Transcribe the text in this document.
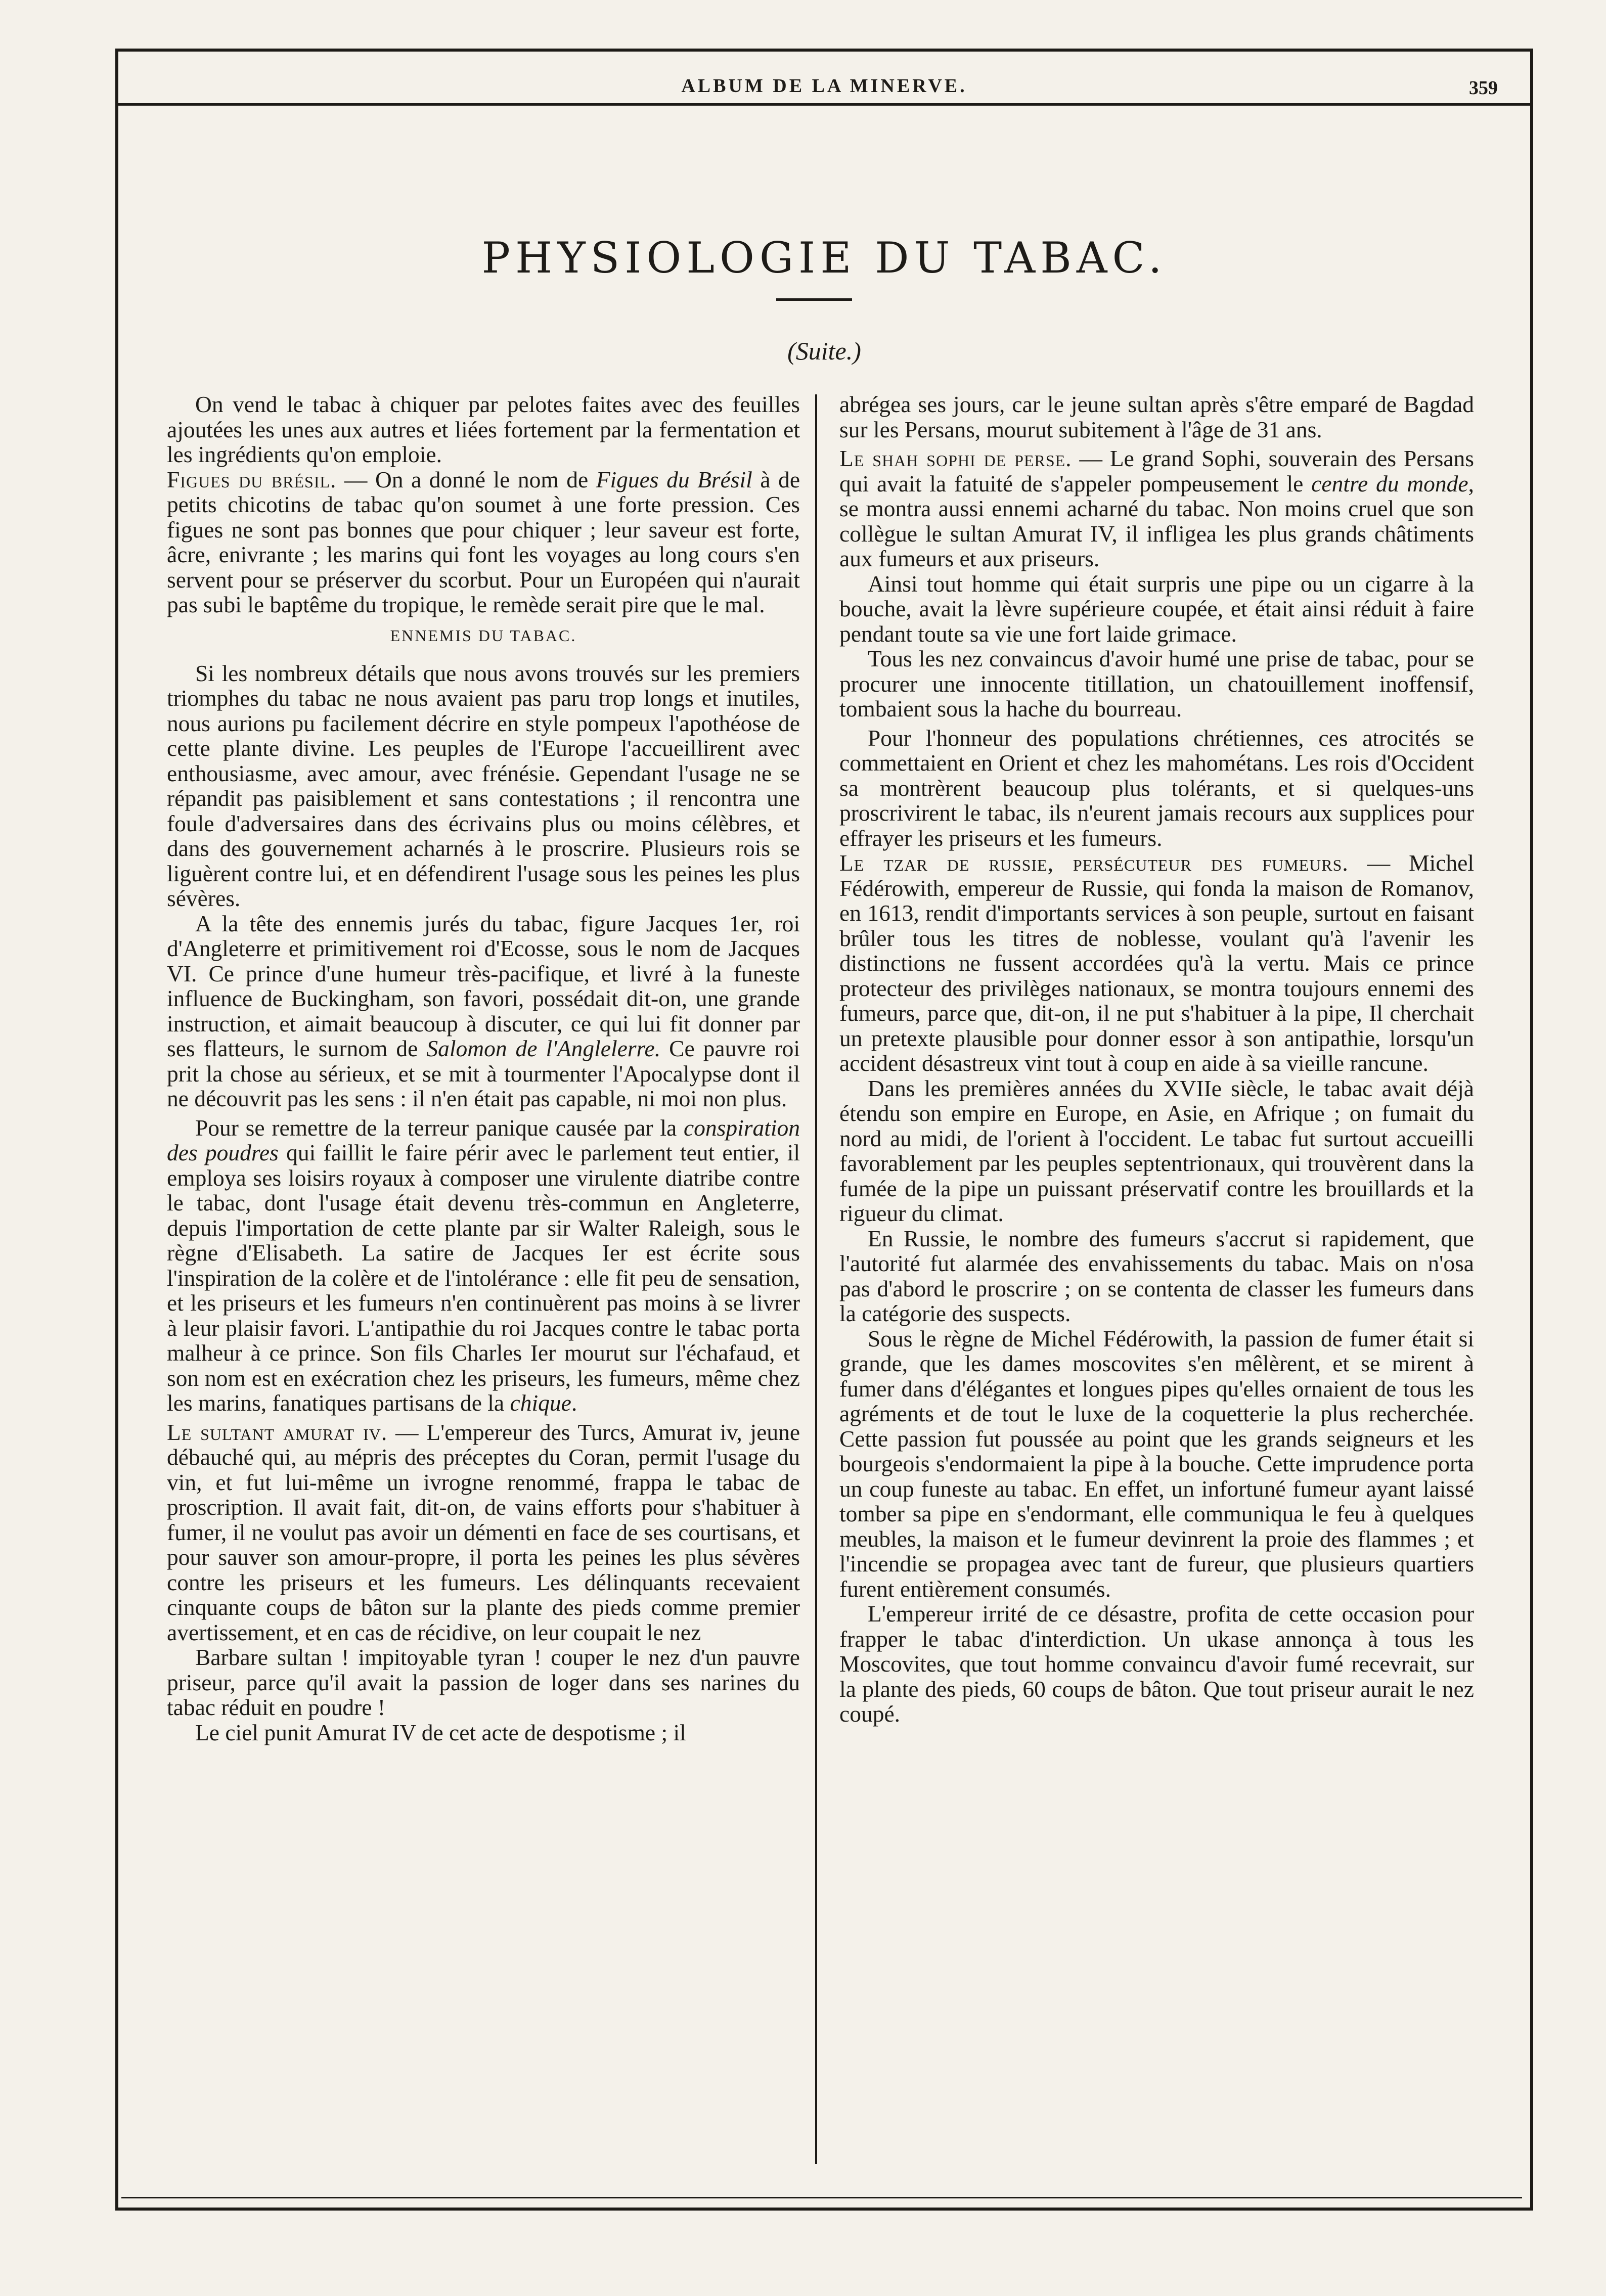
ALBUM DE LA MINERVE.	359
PHYSIOLOGIE DU TABAC.
(Suite.)

On vend le tabac à chiquer par pelotes faites avec des feuilles ajoutées les unes aux autres et liées fortement par la fermentation et les ingrédients qu'on emploie.

Figues du brésil. — On a donné le nom de Figues du Brésil à de petits chicotins de tabac qu'on soumet à une forte pression. Ces figues ne sont pas bonnes que pour chiquer ; leur saveur est forte, âcre, enivrante ; les marins qui font les voyages au long cours s'en servent pour se préserver du scorbut. Pour un Européen qui n'aurait pas subi le baptême du tropique, le remède serait pire que le mal.

ENNEMIS DU TABAC.

Si les nombreux détails que nous avons trouvés sur les premiers triomphes du tabac ne nous avaient pas paru trop longs et inutiles, nous aurions pu facilement décrire en style pompeux l'apothéose de cette plante divine. Les peuples de l'Europe l'accueillirent avec enthousiasme, avec amour, avec frénésie. Gependant l'usage ne se répandit pas paisiblement et sans contestations ; il rencontra une foule d'adversaires dans des écrivains plus ou moins célèbres, et dans des gouvernement acharnés à le proscrire. Plusieurs rois se liguèrent contre lui, et en défendirent l'usage sous les peines les plus sévères.

A la tête des ennemis jurés du tabac, figure Jacques 1er, roi d'Angleterre et primitivement roi d'Ecosse, sous le nom de Jacques VI. Ce prince d'une humeur très-pacifique, et livré à la funeste influence de Buckingham, son favori, possédait dit-on, une grande instruction, et aimait beaucoup à discuter, ce qui lui fit donner par ses flatteurs, le surnom de Salomon de l'Anglelerre. Ce pauvre roi prit la chose au sérieux, et se mit à tourmenter l'Apocalypse dont il ne découvrit pas les sens : il n'en était pas capable, ni moi non plus.

Pour se remettre de la terreur panique causée par la conspiration des poudres qui faillit le faire périr avec le parlement teut entier, il employa ses loisirs royaux à composer une virulente diatribe contre le tabac, dont l'usage était devenu très-commun en Angleterre, depuis l'importation de cette plante par sir Walter Raleigh, sous le règne d'Elisabeth. La satire de Jacques Ier est écrite sous l'inspiration de la colère et de l'intolérance : elle fit peu de sensation, et les priseurs et les fumeurs n'en continuèrent pas moins à se livrer à leur plaisir favori. L'antipathie du roi Jacques contre le tabac porta malheur à ce prince. Son fils Charles Ier mourut sur l'échafaud, et son nom est en exécration chez les priseurs, les fumeurs, même chez les marins, fanatiques partisans de la chique.

Le sultant amurat iv. — L'empereur des Turcs, Amurat iv, jeune débauché qui, au mépris des préceptes du Coran, permit l'usage du vin, et fut lui-même un ivrogne renommé, frappa le tabac de proscription. Il avait fait, dit-on, de vains efforts pour s'habituer à fumer, il ne voulut pas avoir un démenti en face de ses courtisans, et pour sauver son amour-propre, il porta les peines les plus sévères contre les priseurs et les fumeurs. Les délinquants recevaient cinquante coups de bâton sur la plante des pieds comme premier avertissement, et en cas de récidive, on leur coupait le nez

Barbare sultan ! impitoyable tyran ! couper le nez d'un pauvre priseur, parce qu'il avait la passion de loger dans ses narines du tabac réduit en poudre !

Le ciel punit Amurat IV de cet acte de despotisme ; il

abrégea ses jours, car le jeune sultan après s'être emparé de Bagdad sur les Persans, mourut subitement à l'âge de 31 ans.

Le shah sophi de perse. — Le grand Sophi, souverain des Persans qui avait la fatuité de s'appeler pompeusement le centre du monde, se montra aussi ennemi acharné du tabac. Non moins cruel que son collègue le sultan Amurat IV, il infligea les plus grands châtiments aux fumeurs et aux priseurs.

Ainsi tout homme qui était surpris une pipe ou un cigarre à la bouche, avait la lèvre supérieure coupée, et était ainsi réduit à faire pendant toute sa vie une fort laide grimace.

Tous les nez convaincus d'avoir humé une prise de tabac, pour se procurer une innocente titillation, un chatouillement inoffensif, tombaient sous la hache du bourreau.

Pour l'honneur des populations chrétiennes, ces atrocités se commettaient en Orient et chez les mahométans. Les rois d'Occident sa montrèrent beaucoup plus tolérants, et si quelques-uns proscrivirent le tabac, ils n'eurent jamais recours aux supplices pour effrayer les priseurs et les fumeurs.

Le tzar de russie, persécuteur des fumeurs. — Michel Fédérowith, empereur de Russie, qui fonda la maison de Romanov, en 1613, rendit d'importants services à son peuple, surtout en faisant brûler tous les titres de noblesse, voulant qu'à l'avenir les distinctions ne fussent accordées qu'à la vertu. Mais ce prince protecteur des privilèges nationaux, se montra toujours ennemi des fumeurs, parce que, dit-on, il ne put s'habituer à la pipe, Il cherchait un pretexte plausible pour donner essor à son antipathie, lorsqu'un accident désastreux vint tout à coup en aide à sa vieille rancune.

Dans les premières années du XVIIe siècle, le tabac avait déjà étendu son empire en Europe, en Asie, en Afrique ; on fumait du nord au midi, de l'orient à l'occident. Le tabac fut surtout accueilli favorablement par les peuples septentrionaux, qui trouvèrent dans la fumée de la pipe un puissant préservatif contre les brouillards et la rigueur du climat.

En Russie, le nombre des fumeurs s'accrut si rapidement, que l'autorité fut alarmée des envahissements du tabac. Mais on n'osa pas d'abord le proscrire ; on se contenta de classer les fumeurs dans la catégorie des suspects.

Sous le règne de Michel Fédérowith, la passion de fumer était si grande, que les dames moscovites s'en mêlèrent, et se mirent à fumer dans d'élégantes et longues pipes qu'elles ornaient de tous les agréments et de tout le luxe de la coquetterie la plus recherchée. Cette passion fut poussée au point que les grands seigneurs et les bourgeois s'endormaient la pipe à la bouche. Cette imprudence porta un coup funeste au tabac. En effet, un infortuné fumeur ayant laissé tomber sa pipe en s'endormant, elle communiqua le feu à quelques meubles, la maison et le fumeur devinrent la proie des flammes ; et l'incendie se propagea avec tant de fureur, que plusieurs quartiers furent entièrement consumés.

L'empereur irrité de ce désastre, profita de cette occasion pour frapper le tabac d'interdiction. Un ukase annonça à tous les Moscovites, que tout homme convaincu d'avoir fumé recevrait, sur la plante des pieds, 60 coups de bâton. Que tout priseur aurait le nez coupé.
